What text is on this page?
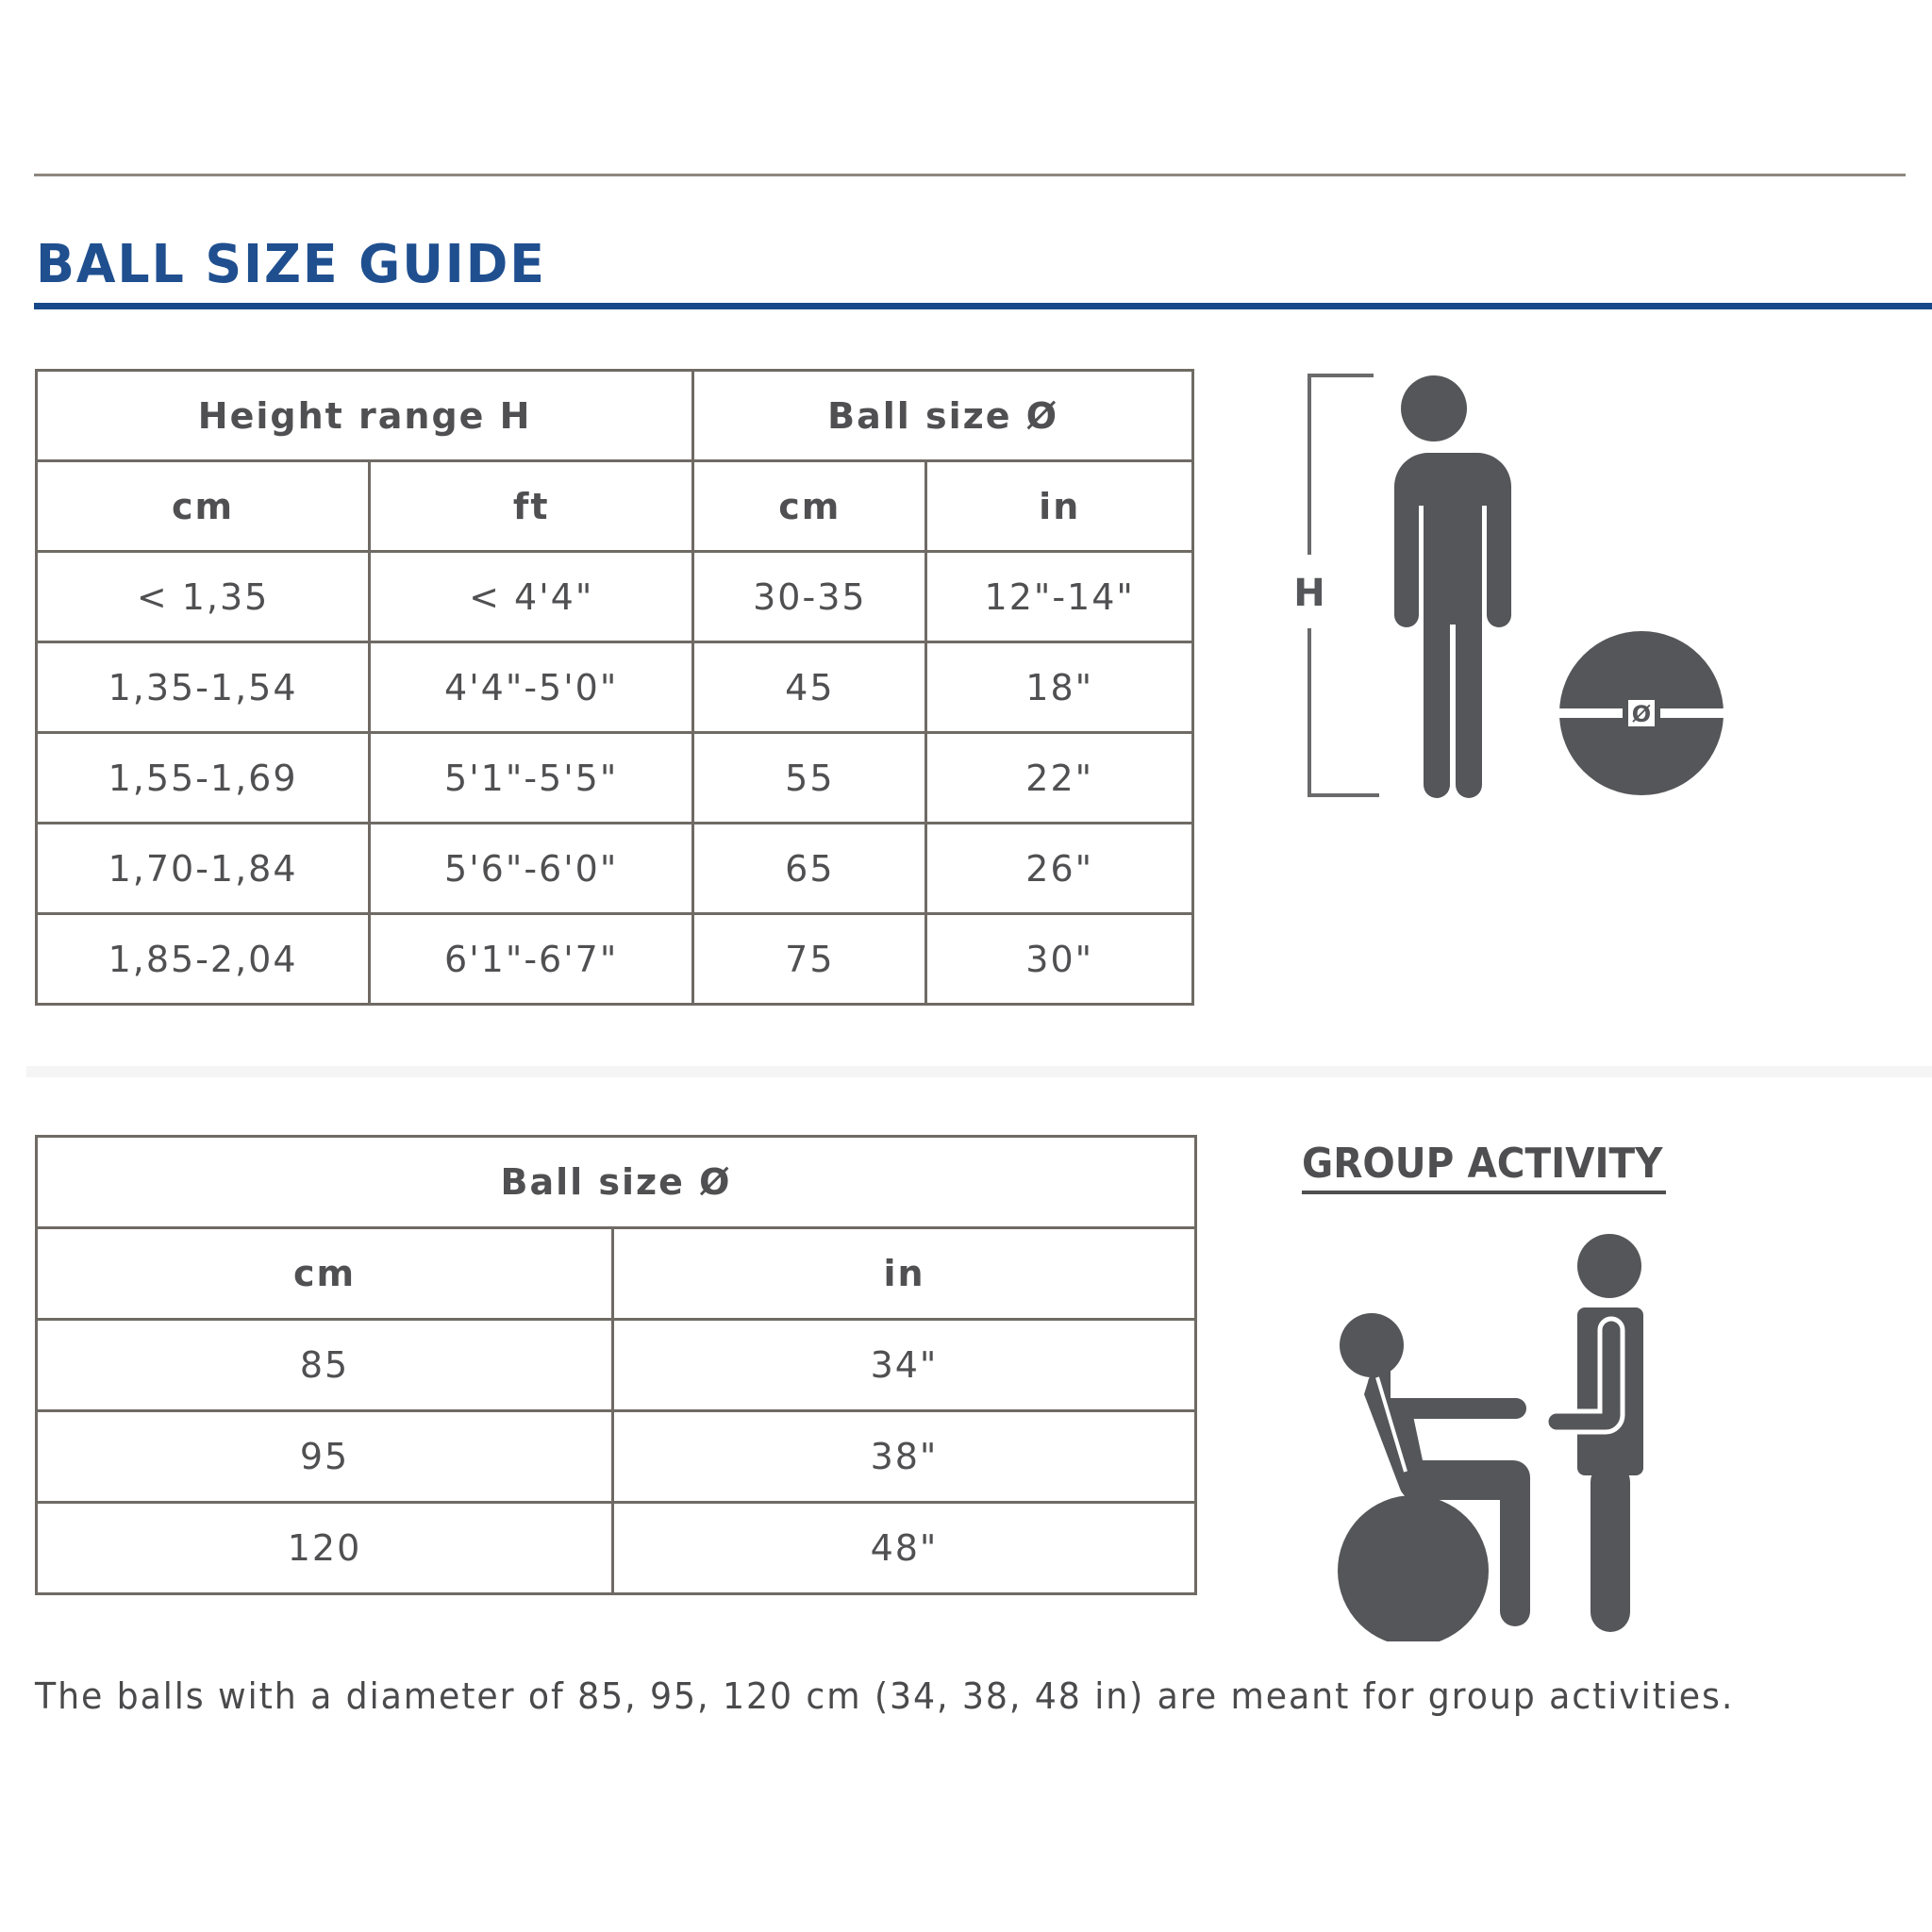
BALL SIZE GUIDE
Height range H		Ball size Ø	
cm	ft	cm	in
< 1,35	< 4'4"	30-35	12"-14"
1,35-1,54	4'4"-5'0"	45	18"
1,55-1,69	5'1"-5'5"	55	22"
1,70-1,84	5'6"-6'0"	65	26"
1,85-2,04	6'1"-6'7"	75	30"
H
Ø
Ball size Ø	
cm	in
85	34"
95	38"
120	48"
GROUP ACTIVITY

The balls with a diameter of 85, 95, 120 cm (34, 38, 48 in) are meant for group activities.
